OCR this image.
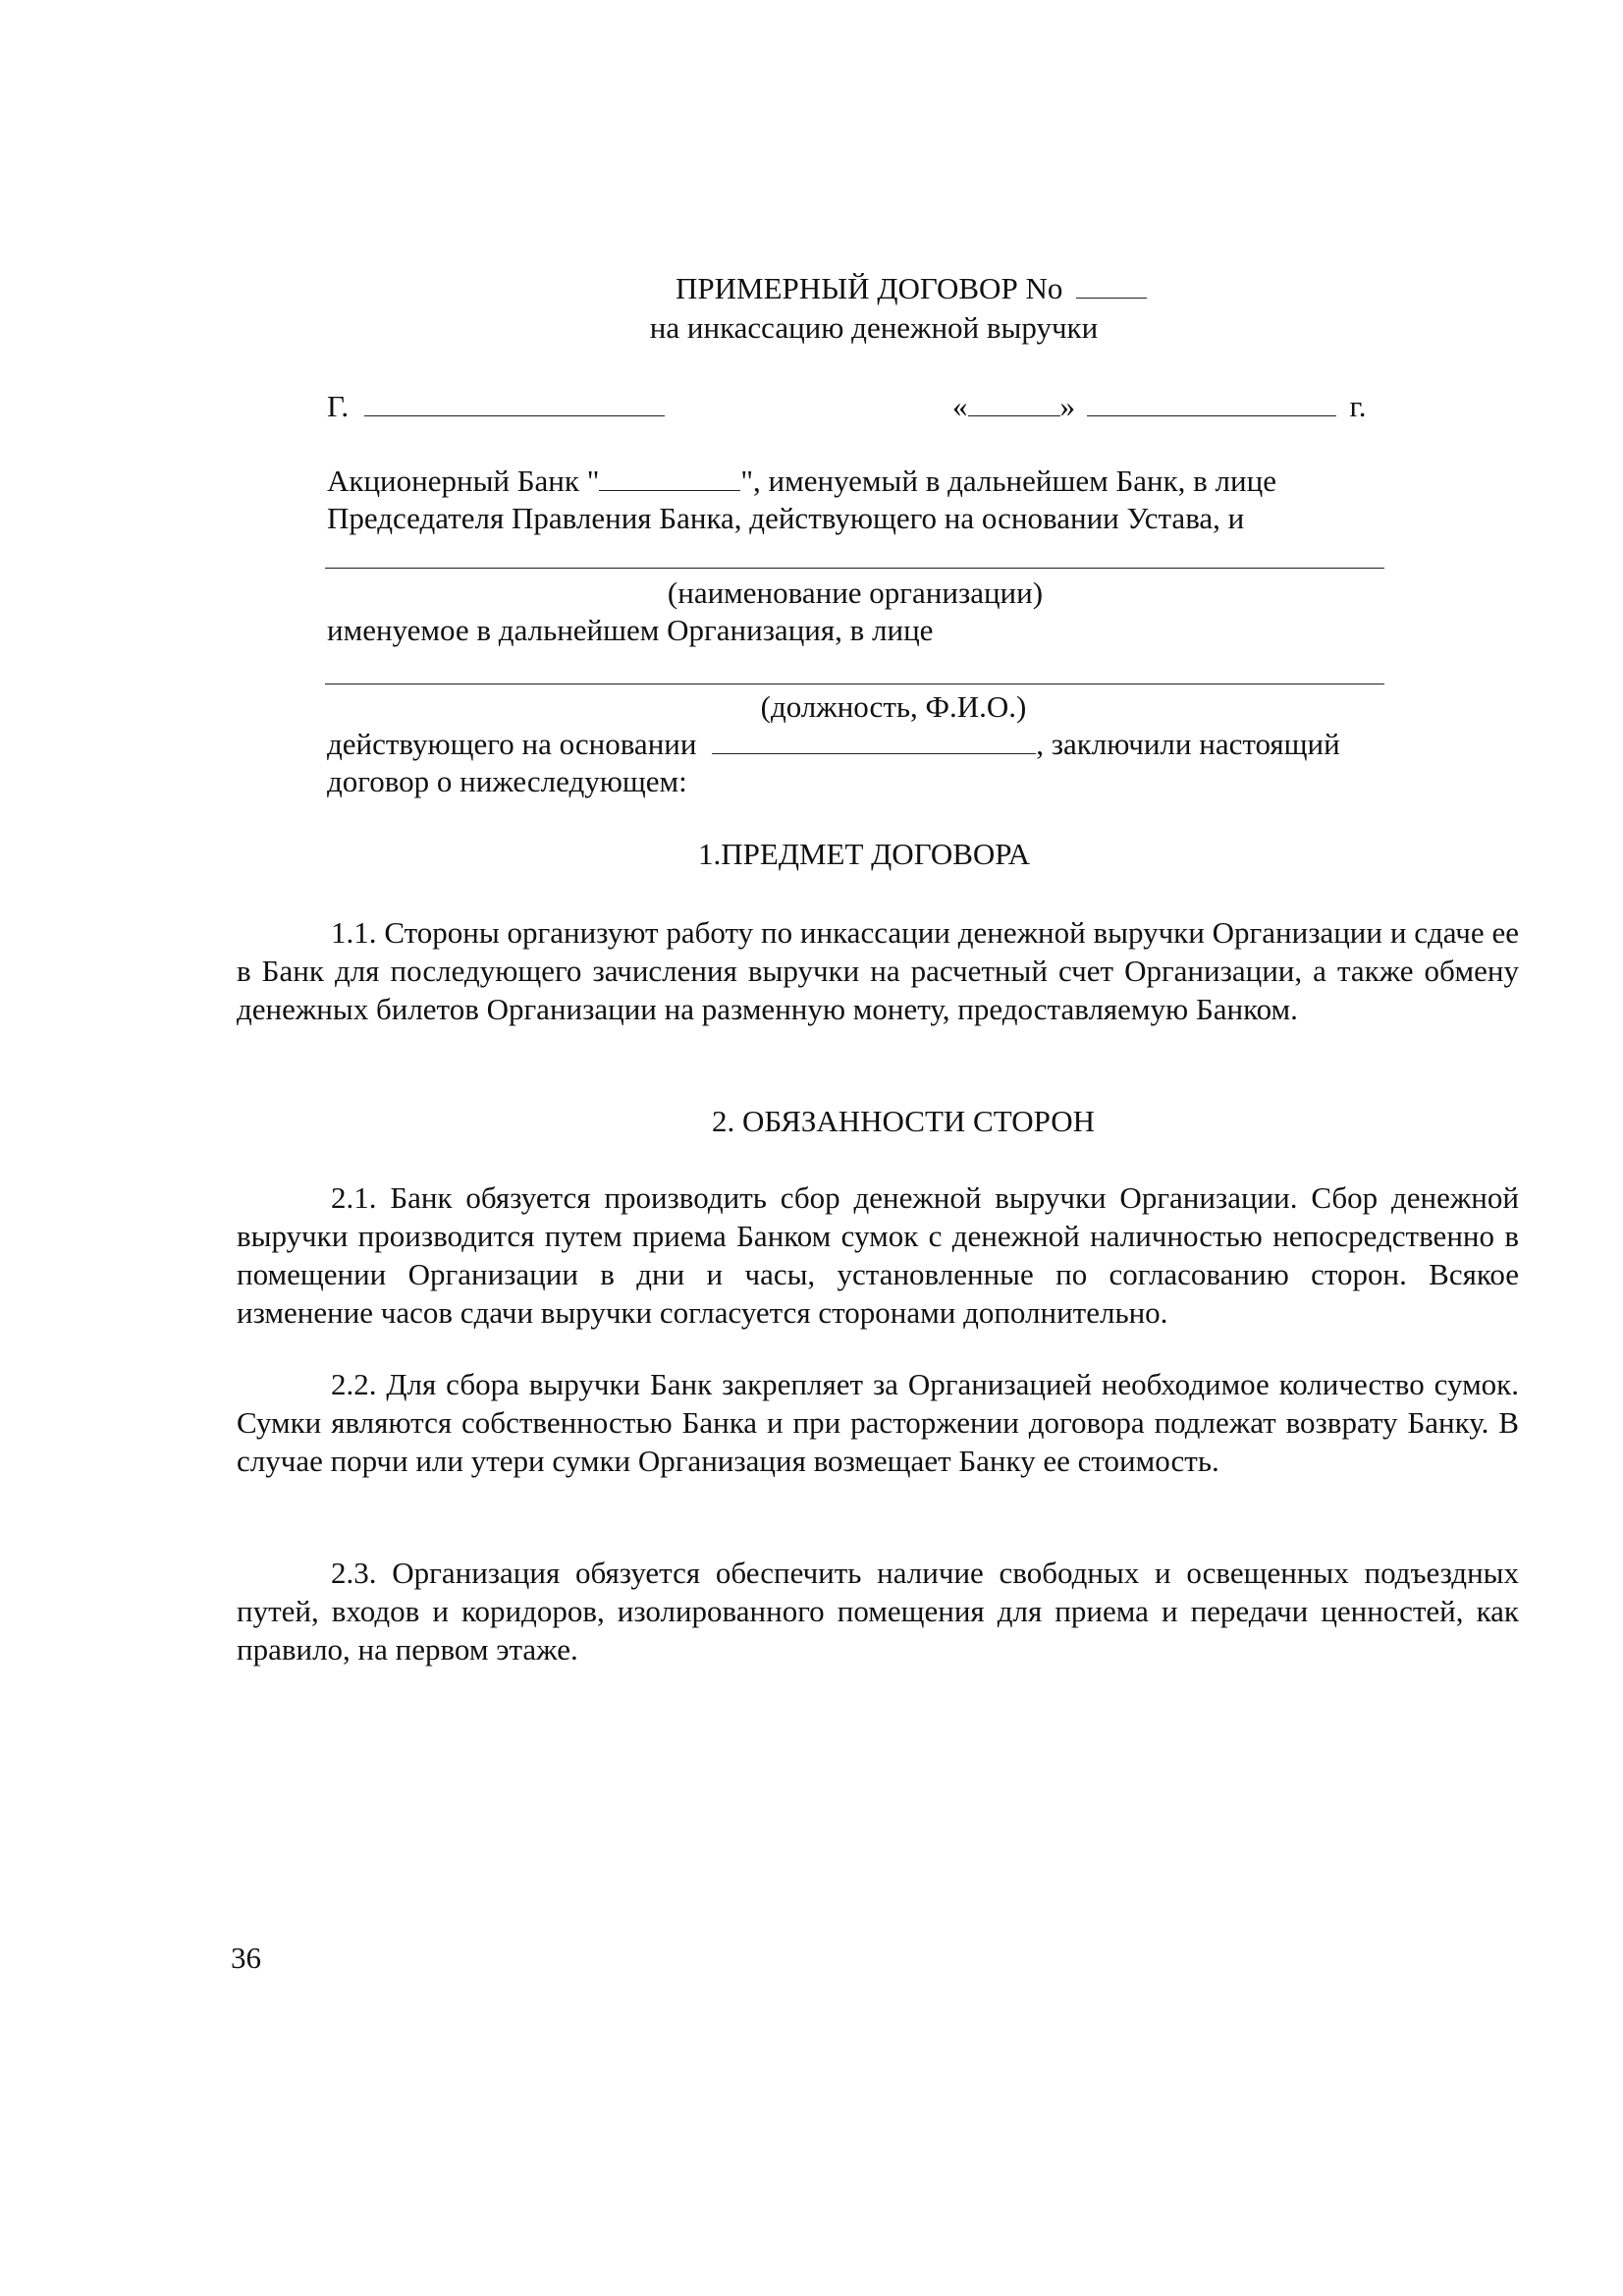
ПРИМЕРНЫЙ ДОГОВОР No

на инкассацию денежной выручки

Г.	«	»	г.

Акционерный Банк "	", именуемый в дальнейшем Банк, в лице

Председателя Правления Банка, действующего на основании Устава, и

(наименование организации)

именуемое в дальнейшем Организация, в лице

(должность, Ф.И.О.)

действующего на основании	, заключили настоящий

договор о нижеследующем:

1.ПРЕДМЕТ ДОГОВОРА

1.1. Стороны организуют работу по инкассации денежной выручки Организации и сдаче ее в Банк для последующего зачисления выручки на расчетный счет Организации, а также обмену денежных билетов Организации на разменную монету, предоставляемую Банком.

2. ОБЯЗАННОСТИ СТОРОН

2.1. Банк обязуется производить сбор денежной выручки Организации. Сбор денежной выручки производится путем приема Банком сумок с денежной наличностью непосредственно в помещении Организации в дни и часы, установленные по согласованию сторон. Всякое изменение часов сдачи выручки согласуется сторонами дополнительно.

2.2. Для сбора выручки Банк закрепляет за Организацией необходимое количество сумок. Сумки являются собственностью Банка и при расторжении договора подлежат возврату Банку. В случае порчи или утери сумки Организация возмещает Банку ее стоимость.

2.3. Организация обязуется обеспечить наличие свободных и освещенных подъездных путей, входов и коридоров, изолированного помещения для приема и передачи ценностей, как правило, на первом этаже.

36
